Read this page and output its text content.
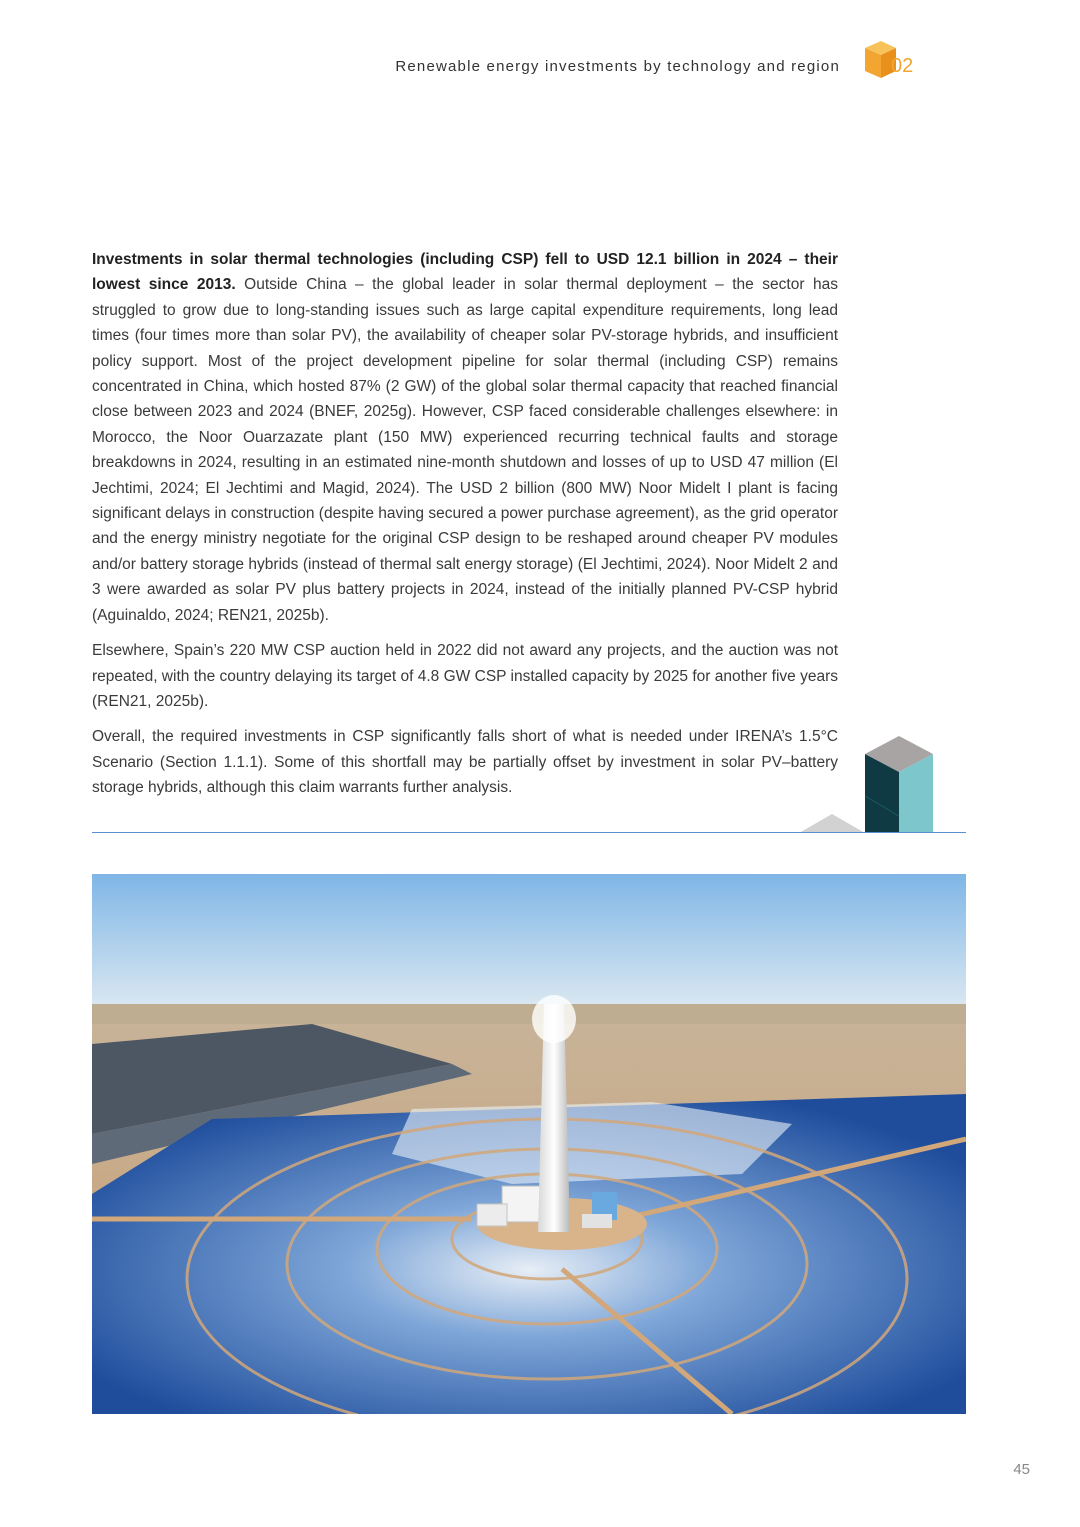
Renewable energy investments by technology and region	02

Investments in solar thermal technologies (including CSP) fell to USD 12.1 billion in 2024 – their lowest since 2013. Outside China – the global leader in solar thermal deployment – the sector has struggled to grow due to long-standing issues such as large capital expenditure requirements, long lead times (four times more than solar PV), the availability of cheaper solar PV-storage hybrids, and insufficient policy support. Most of the project development pipeline for solar thermal (including CSP) remains concentrated in China, which hosted 87% (2 GW) of the global solar thermal capacity that reached financial close between 2023 and 2024 (BNEF, 2025g). However, CSP faced considerable challenges elsewhere: in Morocco, the Noor Ouarzazate plant (150 MW) experienced recurring technical faults and storage breakdowns in 2024, resulting in an estimated nine-month shutdown and losses of up to USD 47 million (El Jechtimi, 2024; El Jechtimi and Magid, 2024). The USD 2 billion (800 MW) Noor Midelt I plant is facing significant delays in construction (despite having secured a power purchase agreement), as the grid operator and the energy ministry negotiate for the original CSP design to be reshaped around cheaper PV modules and/or battery storage hybrids (instead of thermal salt energy storage) (El Jechtimi, 2024). Noor Midelt 2 and 3 were awarded as solar PV plus battery projects in 2024, instead of the initially planned PV-CSP hybrid (Aguinaldo, 2024; REN21, 2025b).

Elsewhere, Spain’s 220 MW CSP auction held in 2022 did not award any projects, and the auction was not repeated, with the country delaying its target of 4.8 GW CSP installed capacity by 2025 for another five years (REN21, 2025b).

Overall, the required investments in CSP significantly falls short of what is needed under IRENA’s 1.5°C Scenario (Section 1.1.1). Some of this shortfall may be partially offset by investment in solar PV–battery storage hybrids, although this claim warrants further analysis.

45
